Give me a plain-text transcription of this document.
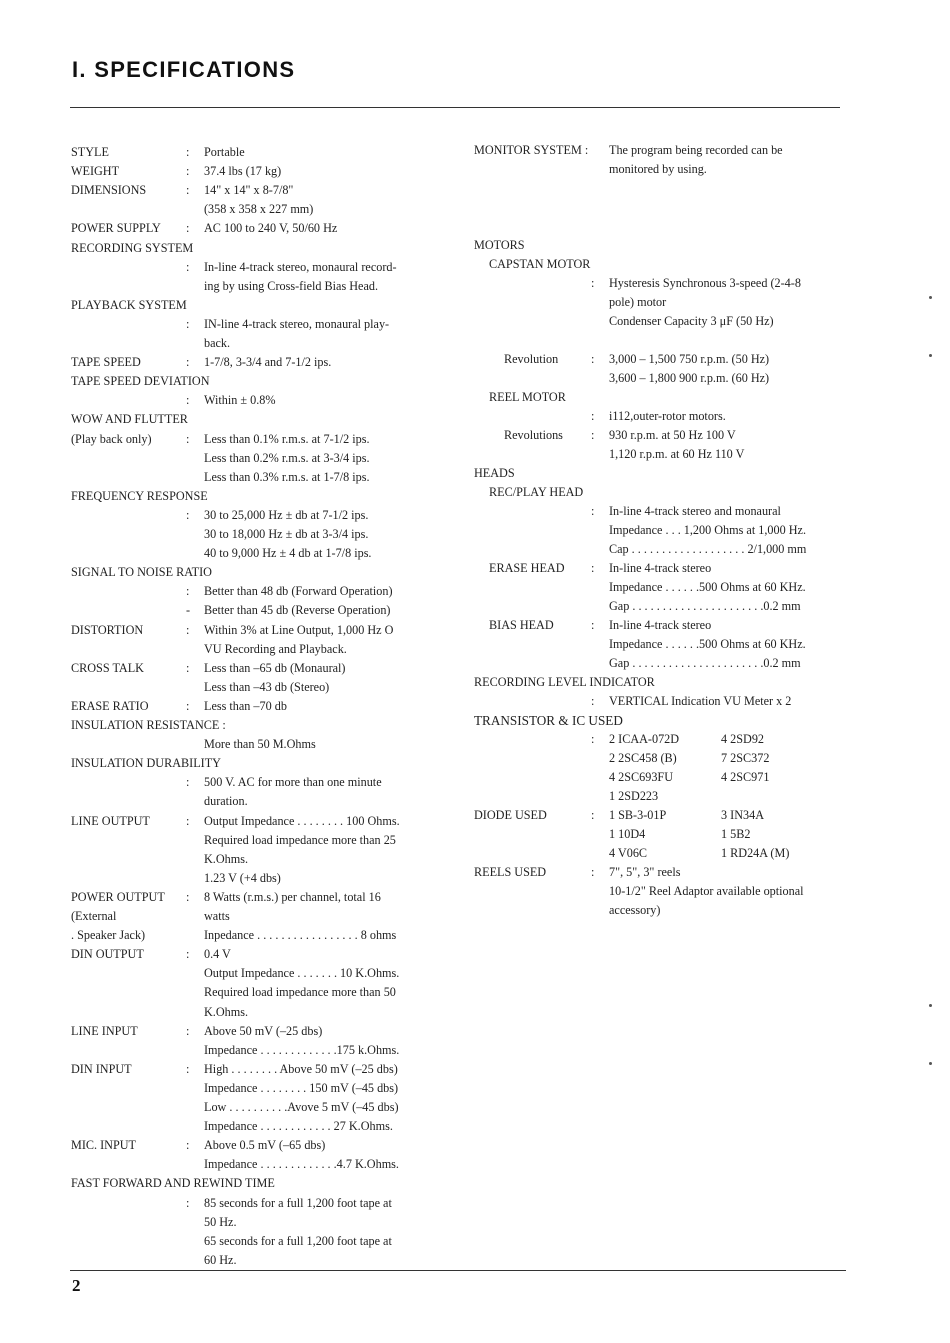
I. SPECIFICATIONS
STYLE	: Portable
WEIGHT	: 37.4 lbs (17 kg)
DIMENSIONS	: 14" x 14" x 8-7/8"
(358 x 358 x 227 mm)
POWER SUPPLY : AC 100 to 240 V, 50/60 Hz
RECORDING SYSTEM
: In-line 4-track stereo, monaural record-
ing by using Cross-field Bias Head.
PLAYBACK SYSTEM
: IN-line 4-track stereo, monaural play-
back.
TAPE SPEED	: 1-7/8, 3-3/4 and 7-1/2 ips.
TAPE SPEED DEVIATION
: Within ± 0.8%
WOW AND FLUTTER
(Play back only)	: Less than 0.1% r.m.s. at 7-1/2 ips.
Less than 0.2% r.m.s. at 3-3/4 ips.
Less than 0.3% r.m.s. at 1-7/8 ips.
FREQUENCY RESPONSE
: 30 to 25,000 Hz ± db at 7-1/2 ips.
30 to 18,000 Hz ± db at 3-3/4 ips.
40 to 9,000 Hz ± 4 db at 1-7/8 ips.
SIGNAL TO NOISE RATIO
: Better than 48 db (Forward Operation)
- Better than 45 db (Reverse Operation)
DISTORTION	: Within 3% at Line Output, 1,000 Hz O
VU Recording and Playback.
CROSS TALK	: Less than –65 db (Monaural)
Less than –43 db (Stereo)
ERASE RATIO	: Less than –70 db
INSULATION RESISTANCE :
More than 50 M.Ohms
INSULATION DURABILITY
: 500 V. AC for more than one minute
duration.
LINE OUTPUT	: Output Impedance . . . . . . . . 100 Ohms.
Required load impedance more than 25
K.Ohms.
1.23 V (+4 dbs)
POWER OUTPUT : 8 Watts (r.m.s.) per channel, total 16
(External	watts
. Speaker Jack)	Inpedance . . . . . . . . . . . . . . . . . 8 ohms
DIN OUTPUT	: 0.4 V
Output Impedance . . . . . . . 10 K.Ohms.
Required load impedance more than 50
K.Ohms.
LINE INPUT	: Above 50 mV (–25 dbs)
Impedance . . . . . . . . . . . . .175 k.Ohms.
DIN INPUT	: High . . . . . . . . Above 50 mV (–25 dbs)
Impedance . . . . . . . . 150 mV (–45 dbs)
Low . . . . . . . . . .Avove 5 mV (–45 dbs)
Impedance . . . . . . . . . . . . 27 K.Ohms.
MIC. INPUT	: Above 0.5 mV (–65 dbs)
Impedance . . . . . . . . . . . . .4.7 K.Ohms.
FAST FORWARD AND REWIND TIME
: 85 seconds for a full 1,200 foot tape at
50 Hz.
65 seconds for a full 1,200 foot tape at
60 Hz.
MONITOR SYSTEM : The program being recorded can be
monitored by using.
MOTORS
CAPSTAN MOTOR
: Hysteresis Synchronous 3-speed (2-4-8
pole) motor
Condenser Capacity 3 μF (50 Hz)
Revolution	: 3,000 – 1,500 750 r.p.m. (50 Hz)
3,600 – 1,800 900 r.p.m. (60 Hz)
REEL MOTOR
: i112,outer-rotor motors.
Revolutions : 930 r.p.m. at 50 Hz 100 V
1,120 r.p.m. at 60 Hz 110 V
HEADS
REC/PLAY HEAD
: In-line 4-track stereo and monaural
Impedance . . . 1,200 Ohms at 1,000 Hz.
Cap . . . . . . . . . . . . . . . . . . . 2/1,000 mm
ERASE HEAD : In-line 4-track stereo
Impedance . . . . . .500 Ohms at 60 KHz.
Gap . . . . . . . . . . . . . . . . . . . . . .0.2 mm
BIAS HEAD	: In-line 4-track stereo
Impedance . . . . . .500 Ohms at 60 KHz.
Gap . . . . . . . . . . . . . . . . . . . . . .0.2 mm
RECORDING LEVEL INDICATOR
: VERTICAL Indication VU Meter x 2
TRANSISTOR & IC USED
: 2 ICAA-072D	4 2SD92
2 2SC458 (B)	7 2SC372
4 2SC693FU	4 2SC971
1 2SD223
DIODE USED	: 1 SB-3-01P	3 IN34A
1 10D4	1 5B2
4 V06C	1 RD24A (M)
REELS USED	: 7", 5", 3" reels
10-1/2" Reel Adaptor available optional
accessory)
2
